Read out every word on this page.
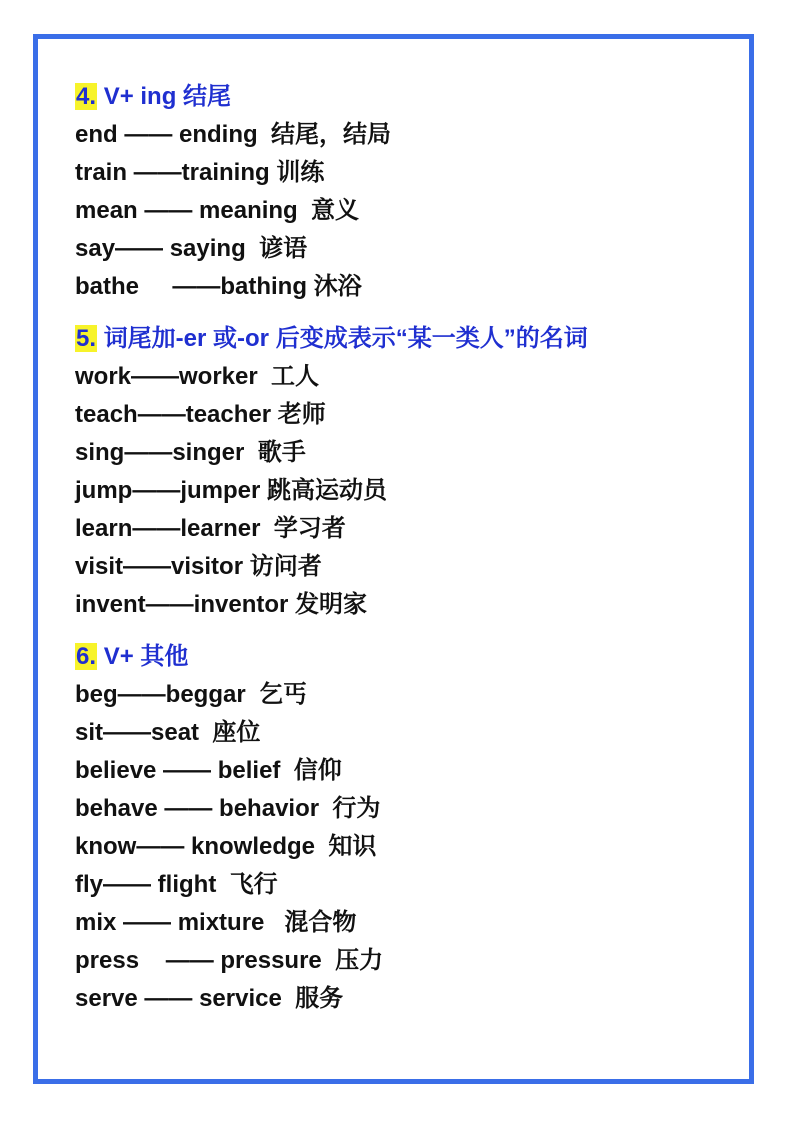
4. V+ ing 结尾
end —— ending  结尾，结局
train ——training 训练
mean —— meaning  意义
say—— saying  谚语
bathe     ——bathing 沐浴
5. 词尾加-er 或-or 后变成表示“某一类人”的名词
work——worker  工人
teach——teacher 老师
sing——singer  歌手
jump——jumper 跳高运动员
learn——learner  学习者
visit——visitor 访问者
invent——inventor 发明家
6. V+ 其他
beg——beggar  乞丐
sit——seat  座位
believe —— belief  信仰
behave —— behavior  行为
know—— knowledge  知识
fly—— flight  飞行
mix —— mixture   混合物
press    —— pressure  压力
serve —— service  服务
